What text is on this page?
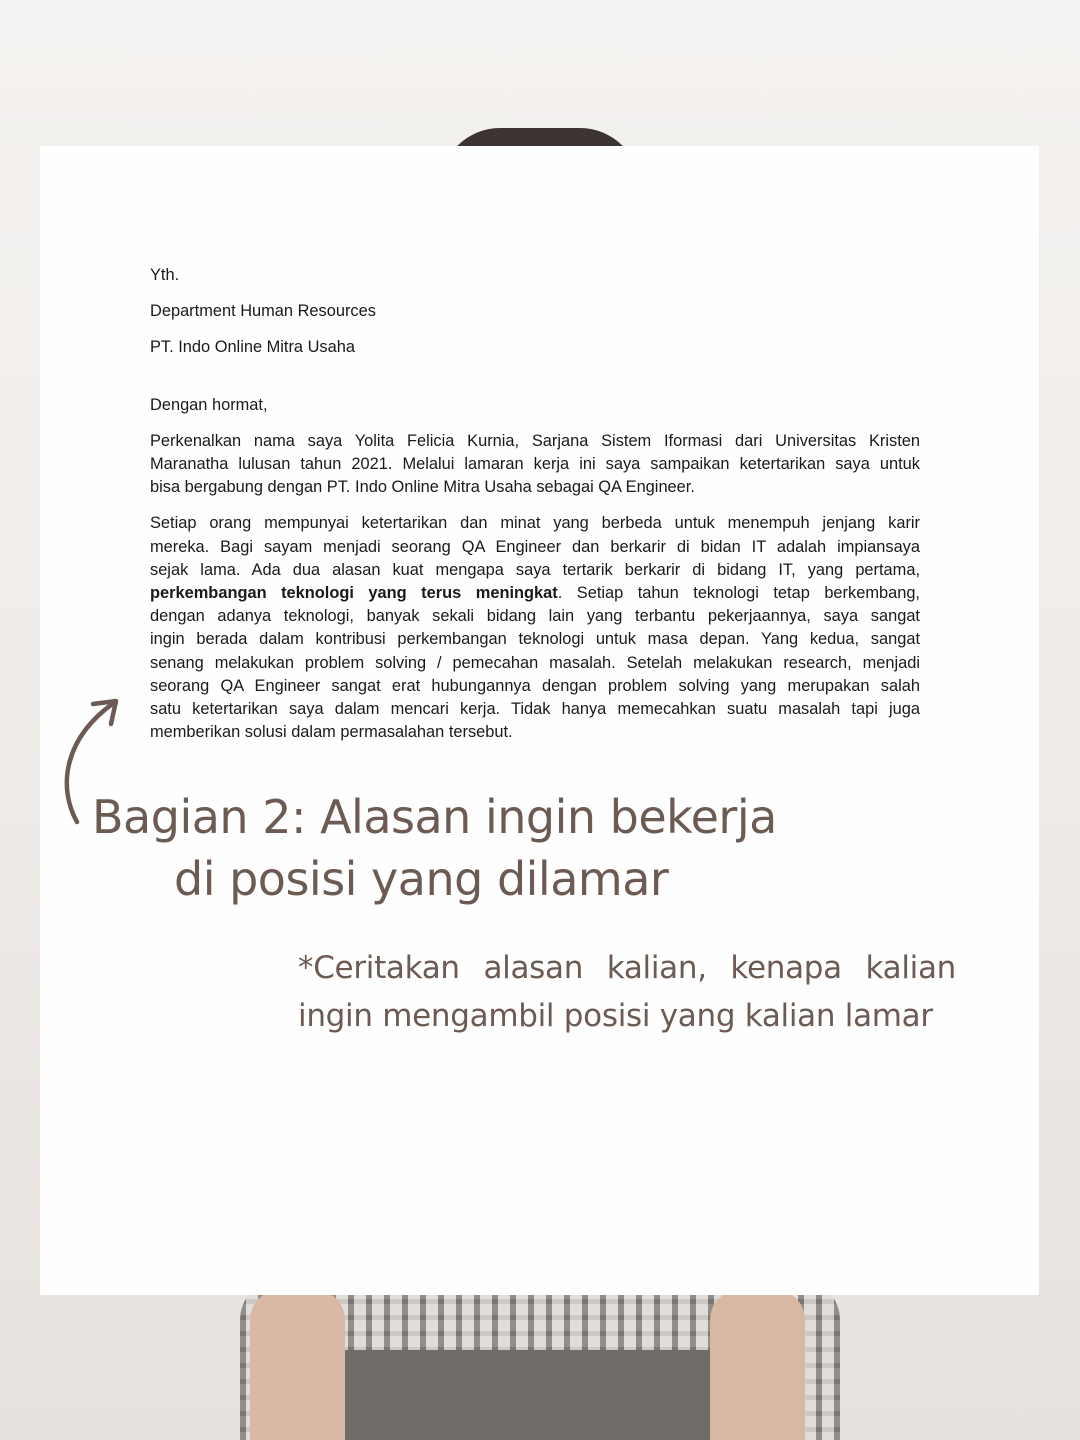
Yth.
Department Human Resources
PT. Indo Online Mitra Usaha
Dengan hormat,
Perkenalkan nama saya Yolita Felicia Kurnia, Sarjana Sistem Iformasi dari Universitas Kristen
Maranatha lulusan tahun 2021. Melalui lamaran kerja ini saya sampaikan ketertarikan saya untuk
bisa bergabung dengan PT. Indo Online Mitra Usaha sebagai QA Engineer.
Setiap orang mempunyai ketertarikan dan minat yang berbeda untuk menempuh jenjang karir
mereka. Bagi sayam menjadi seorang QA Engineer dan berkarir di bidan IT adalah impiansaya
sejak lama. Ada dua alasan kuat mengapa saya tertarik berkarir di bidang IT, yang pertama,
perkembangan teknologi yang terus meningkat. Setiap tahun teknologi tetap berkembang,
dengan adanya teknologi, banyak sekali bidang lain yang terbantu pekerjaannya, saya sangat
ingin berada dalam kontribusi perkembangan teknologi untuk masa depan. Yang kedua, sangat
senang melakukan problem solving / pemecahan masalah. Setelah melakukan research, menjadi
seorang QA Engineer sangat erat hubungannya dengan problem solving yang merupakan salah
satu ketertarikan saya dalam mencari kerja. Tidak hanya memecahkan suatu masalah tapi juga
memberikan solusi dalam permasalahan tersebut.
Bagian 2: Alasan ingin bekerja
di posisi yang dilamar
*Ceritakan alasan kalian, kenapa kalian
ingin mengambil posisi yang kalian lamar
